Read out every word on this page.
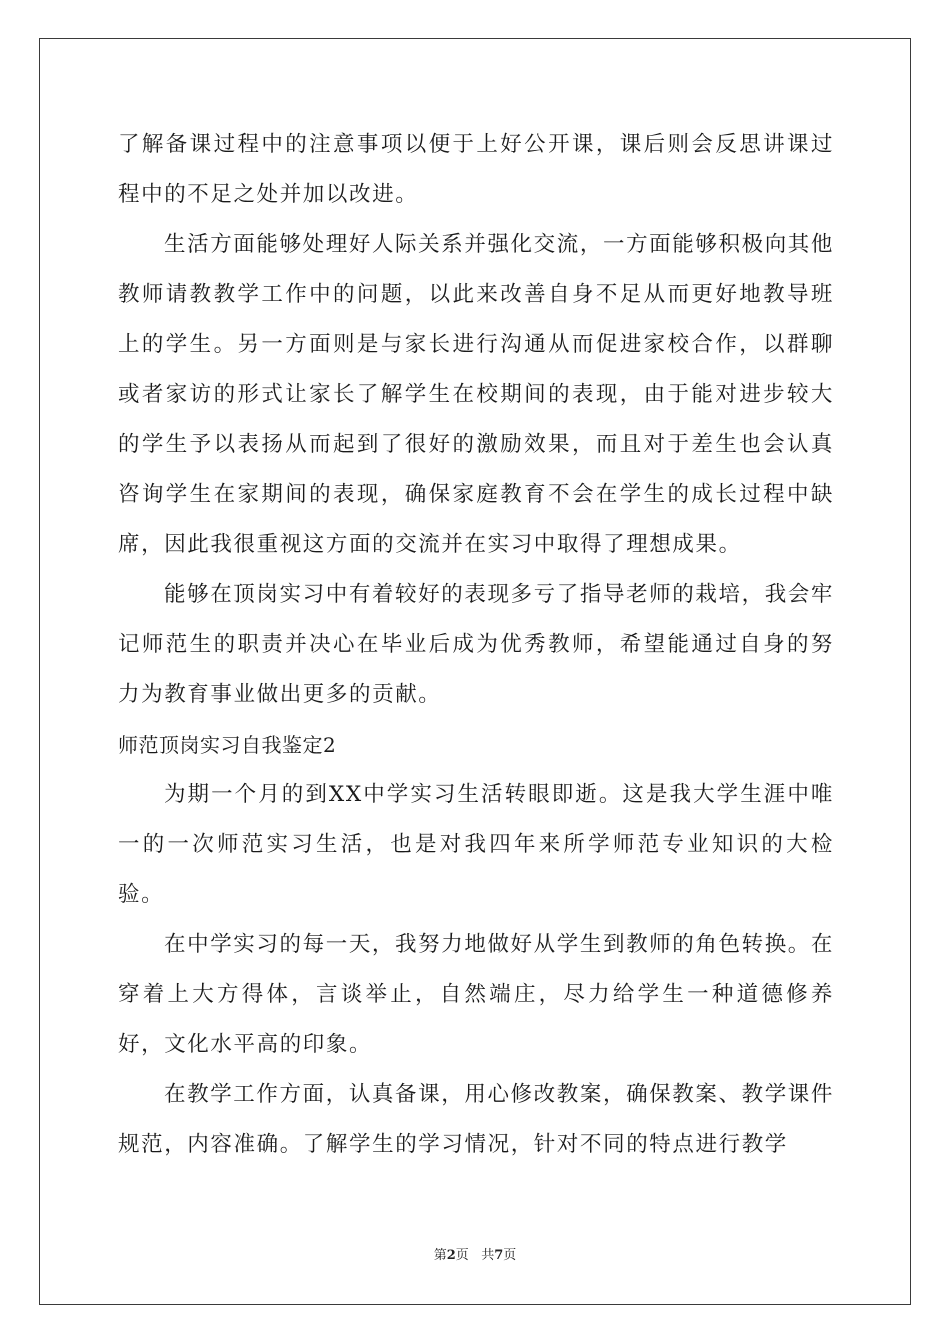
了解备课过程中的注意事项以便于上好公开课，课后则会反思讲课过程中的不足之处并加以改进。

生活方面能够处理好人际关系并强化交流，一方面能够积极向其他教师请教教学工作中的问题，以此来改善自身不足从而更好地教导班上的学生。另一方面则是与家长进行沟通从而促进家校合作，以群聊或者家访的形式让家长了解学生在校期间的表现，由于能对进步较大的学生予以表扬从而起到了很好的激励效果，而且对于差生也会认真咨询学生在家期间的表现，确保家庭教育不会在学生的成长过程中缺席，因此我很重视这方面的交流并在实习中取得了理想成果。

能够在顶岗实习中有着较好的表现多亏了指导老师的栽培，我会牢记师范生的职责并决心在毕业后成为优秀教师，希望能通过自身的努力为教育事业做出更多的贡献。

师范顶岗实习自我鉴定2

为期一个月的到XX中学实习生活转眼即逝。这是我大学生涯中唯一的一次师范实习生活，也是对我四年来所学师范专业知识的大检验。

在中学实习的每一天，我努力地做好从学生到教师的角色转换。在穿着上大方得体，言谈举止，自然端庄，尽力给学生一种道德修养好，文化水平高的印象。

在教学工作方面，认真备课，用心修改教案，确保教案、教学课件规范，内容准确。了解学生的学习情况，针对不同的特点进行教学

第2页 共7页
